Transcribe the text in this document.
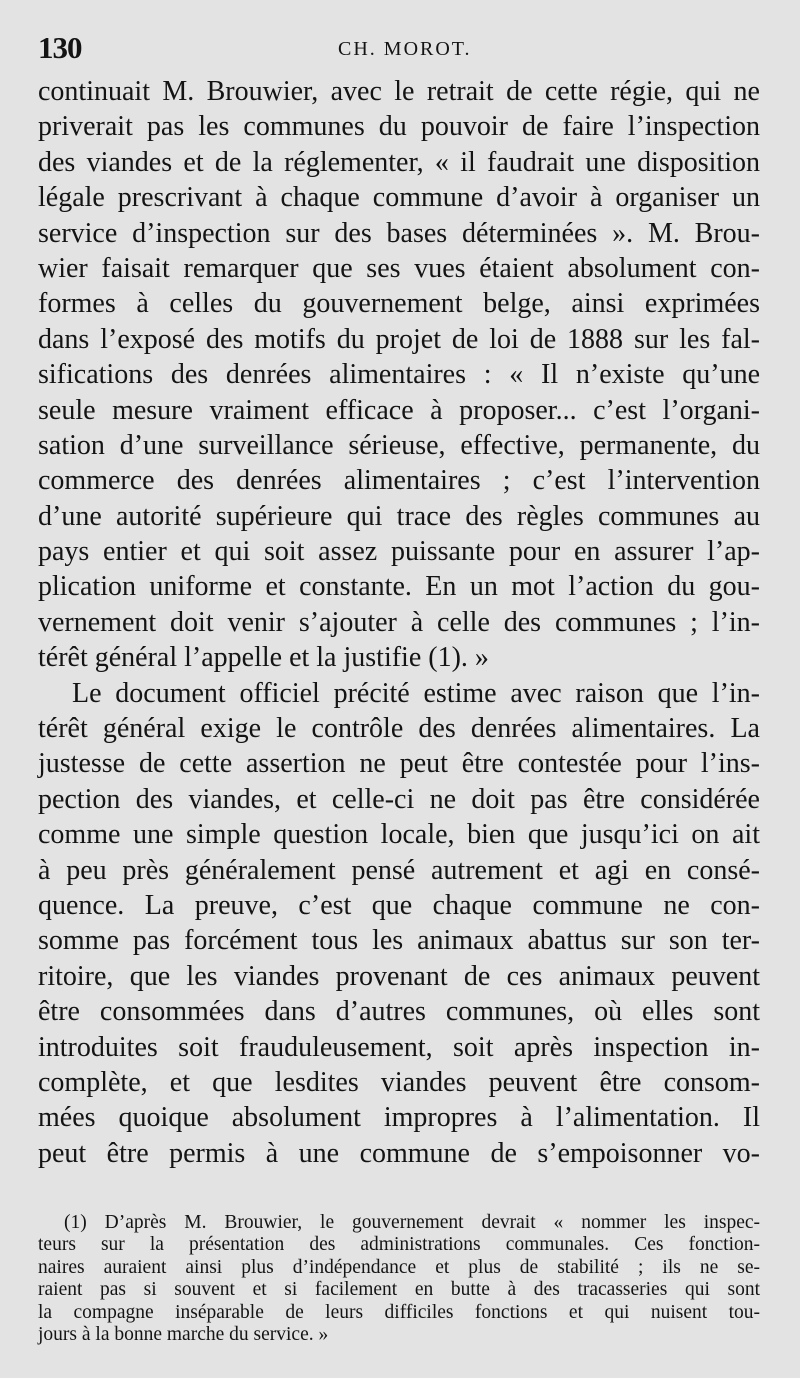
130	CH. MOROT.
continuait M. Brouwier, avec le retrait de cette régie, qui ne
priverait pas les communes du pouvoir de faire l’inspection
des viandes et de la réglementer, « il faudrait une disposition
légale prescrivant à chaque commune d’avoir à organiser un
service d’inspection sur des bases déterminées ». M. Brou-
wier faisait remarquer que ses vues étaient absolument con-
formes à celles du gouvernement belge, ainsi exprimées
dans l’exposé des motifs du projet de loi de 1888 sur les fal-
sifications des denrées alimentaires : « Il n’existe qu’une
seule mesure vraiment efficace à proposer... c’est l’organi-
sation d’une surveillance sérieuse, effective, permanente, du
commerce des denrées alimentaires ; c’est l’intervention
d’une autorité supérieure qui trace des règles communes au
pays entier et qui soit assez puissante pour en assurer l’ap-
plication uniforme et constante. En un mot l’action du gou-
vernement doit venir s’ajouter à celle des communes ; l’in-
térêt général l’appelle et la justifie (1). »
Le document officiel précité estime avec raison que l’in-
térêt général exige le contrôle des denrées alimentaires. La
justesse de cette assertion ne peut être contestée pour l’ins-
pection des viandes, et celle-ci ne doit pas être considérée
comme une simple question locale, bien que jusqu’ici on ait
à peu près généralement pensé autrement et agi en consé-
quence. La preuve, c’est que chaque commune ne con-
somme pas forcément tous les animaux abattus sur son ter-
ritoire, que les viandes provenant de ces animaux peuvent
être consommées dans d’autres communes, où elles sont
introduites soit frauduleusement, soit après inspection in-
complète, et que lesdites viandes peuvent être consom-
mées quoique absolument impropres à l’alimentation. Il
peut être permis à une commune de s’empoisonner vo-
(1) D’après M. Brouwier, le gouvernement devrait « nommer les inspec-
teurs sur la présentation des administrations communales. Ces fonction-
naires auraient ainsi plus d’indépendance et plus de stabilité ; ils ne se-
raient pas si souvent et si facilement en butte à des tracasseries qui sont
la compagne inséparable de leurs difficiles fonctions et qui nuisent tou-
jours à la bonne marche du service. »
